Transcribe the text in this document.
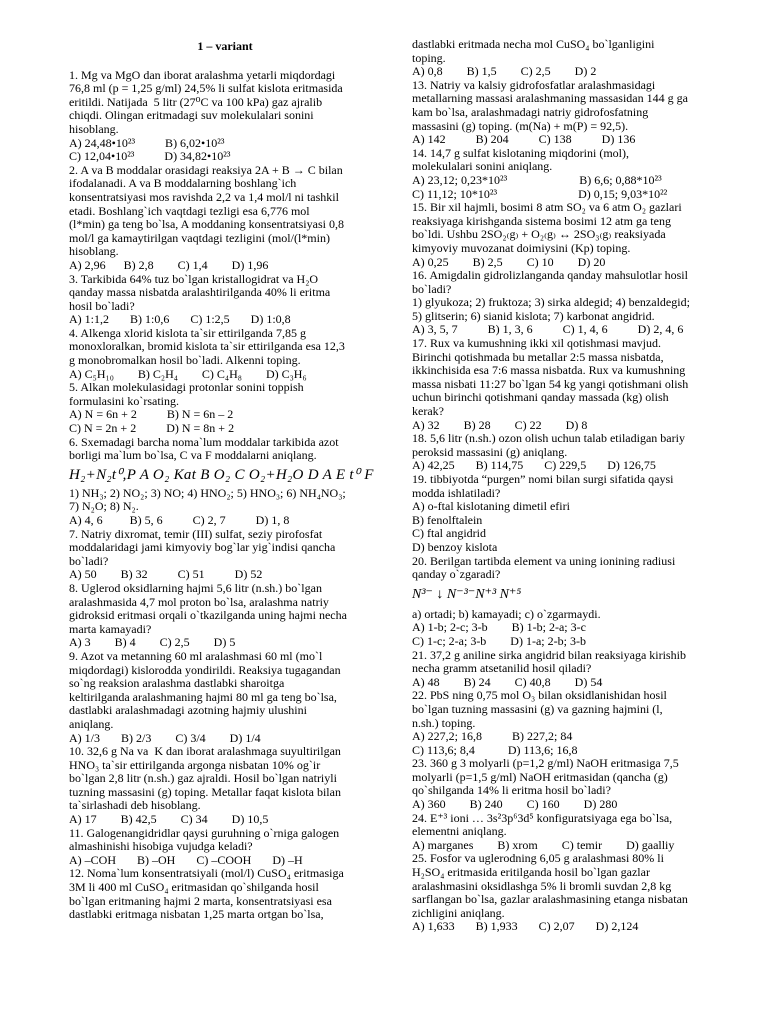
1 – variant
1. Mg va MgO dan iborat aralashma yetarli miqdordagi
76,8 ml (p = 1,25 g/ml) 24,5% li sulfat kislota eritmasida
eritildi. Natijada  5 litr (27⁰C va 100 kPa) gaz ajralib
chiqdi. Olingan eritmadagi suv molekulalari sonini
hisoblang.
A) 24,48•10²³          B) 6,02•10²³
C) 12,04•10²³          D) 34,82•10²³
2. A va B moddalar orasidagi reaksiya 2A + B → C bilan
ifodalanadi. A va B moddalarning boshlang`ich
konsentratsiyasi mos ravishda 2,2 va 1,4 mol/l ni tashkil
etadi. Boshlang`ich vaqtdagi tezligi esa 6,776 mol
(l*min) ga teng bo`lsa, A moddaning konsentratsiyasi 0,8
mol/l ga kamaytirilgan vaqtdagi tezligini (mol/(l*min)
hisoblang.
A) 2,96      B) 2,8        C) 1,4        D) 1,96
3. Tarkibida 64% tuz bo`lgan kristallogidrat va H₂O
qanday massa nisbatda aralashtirilganda 40% li eritma
hosil bo`ladi?
A) 1:1,2       B) 1:0,6       C) 1:2,5       D) 1:0,8
4. Alkenga xlorid kislota ta`sir ettirilganda 7,85 g
monoxloralkan, bromid kislota ta`sir ettirilganda esa 12,3
g monobromalkan hosil bo`ladi. Alkenni toping.
A) C₅H₁₀        B) C₂H₄        C) C₄H₈        D) C₃H₆
5. Alkan molekulasidagi protonlar sonini toppish
formulasini ko`rsating.
A) N = 6n + 2          B) N = 6n – 2
C) N = 2n + 2          D) N = 8n + 2
6. Sxemadagi barcha noma`lum moddalar tarkibida azot
borligi ma`lum bo`lsa, C va F moddalarni aniqlang.
H₂+N₂t⁰,P A O₂ Kat B O₂ C O₂+H₂O D A E t⁰ F
1) NH₃; 2) NO₂; 3) NO; 4) HNO₂; 5) HNO₃; 6) NH₄NO₃;
7) N₂O; 8) N₂.
A) 4, 6         B) 5, 6          C) 2, 7          D) 1, 8
7. Natriy dixromat, temir (III) sulfat, seziy pirofosfat
moddalaridagi jami kimyoviy bog`lar yig`indisi qancha
bo`ladi?
A) 50        B) 32          C) 51          D) 52
8. Uglerod oksidlarning hajmi 5,6 litr (n.sh.) bo`lgan
aralashmasida 4,7 mol proton bo`lsa, aralashma natriy
gidroksid eritmasi orqali o`tkazilganda uning hajmi necha
marta kamayadi?
A) 3        B) 4        C) 2,5        D) 5
9. Azot va metanning 60 ml aralashmasi 60 ml (mo`l
miqdordagi) kislorodda yondirildi. Reaksiya tugagandan
so`ng reaksion aralashma dastlabki sharoitga
keltirilganda aralashmaning hajmi 80 ml ga teng bo`lsa,
dastlabki aralashmadagi azotning hajmiy ulushini
aniqlang.
A) 1/3       B) 2/3        C) 3/4        D) 1/4
10. 32,6 g Na va  K dan iborat aralashmaga suyultirilgan
HNO₃ ta`sir ettirilganda argonga nisbatan 10% og`ir
bo`lgan 2,8 litr (n.sh.) gaz ajraldi. Hosil bo`lgan natriyli
tuzning massasini (g) toping. Metallar faqat kislota bilan
ta`sirlashadi deb hisoblang.
A) 17        B) 42,5        C) 34        D) 10,5
11. Galogenangidridlar qaysi guruhning o`rniga galogen
almashinishi hisobiga vujudga keladi?
A) –COH       B) –OH       C) –COOH       D) –H
12. Noma`lum konsentratsiyali (mol/l) CuSO₄ eritmasiga
3M li 400 ml CuSO₄ eritmasidan qo`shilganda hosil
bo`lgan eritmaning hajmi 2 marta, konsentratsiyasi esa
dastlabki eritmaga nisbatan 1,25 marta ortgan bo`lsa,
dastlabki eritmada necha mol CuSO₄ bo`lganligini
toping.
A) 0,8        B) 1,5        C) 2,5        D) 2
13. Natriy va kalsiy gidrofosfatlar aralashmasidagi
metallarning massasi aralashmaning massasidan 144 g ga
kam bo`lsa, aralashmadagi natriy gidrofosfatning
massasini (g) toping. (m(Na) + m(P) = 92,5).
A) 142          B) 204          C) 138          D) 136
14. 14,7 g sulfat kislotaning miqdorini (mol),
molekulalari sonini aniqlang.
A) 23,12; 0,23*10²³                        B) 6,6; 0,88*10²³
C) 11,12; 10*10²³                           D) 0,15; 9,03*10²²
15. Bir xil hajmli, bosimi 8 atm SO₂ va 6 atm O₂ gazlari
reaksiyaga kirishganda sistema bosimi 12 atm ga teng
bo`ldi. Ushbu 2SO₂₍g₎ + O₂₍g₎ ↔ 2SO₃₍g₎ reaksiyada
kimyoviy muvozanat doimiysini (Kp) toping.
A) 0,25        B) 2,5        C) 10        D) 20
16. Amigdalin gidrolizlanganda qanday mahsulotlar hosil
bo`ladi?
1) glyukoza; 2) fruktoza; 3) sirka aldegid; 4) benzaldegid;
5) glitserin; 6) sianid kislota; 7) karbonat angidrid.
A) 3, 5, 7          B) 1, 3, 6          C) 1, 4, 6          D) 2, 4, 6
17. Rux va kumushning ikki xil qotishmasi mavjud.
Birinchi qotishmada bu metallar 2:5 massa nisbatda,
ikkinchisida esa 7:6 massa nisbatda. Rux va kumushning
massa nisbati 11:27 bo`lgan 54 kg yangi qotishmani olish
uchun birinchi qotishmani qanday massada (kg) olish
kerak?
A) 32        B) 28        C) 22        D) 8
18. 5,6 litr (n.sh.) ozon olish uchun talab etiladigan bariy
peroksid massasini (g) aniqlang.
A) 42,25       B) 114,75       C) 229,5       D) 126,75
19. tibbiyotda “purgen” nomi bilan surgi sifatida qaysi
modda ishlatiladi?
A) o-ftal kislotaning dimetil efiri
B) fenolftalein
C) ftal angidrid
D) benzoy kislota
20. Berilgan tartibda element va uning ionining radiusi
qanday o`zgaradi?
N³⁻ ↓ N⁻³⁻N⁺³ N⁺⁵
a) ortadi; b) kamayadi; c) o`zgarmaydi.
A) 1-b; 2-c; 3-b        B) 1-b; 2-a; 3-c
C) 1-c; 2-a; 3-b        D) 1-a; 2-b; 3-b
21. 37,2 g aniline sirka angidrid bilan reaksiyaga kirishib
necha gramm atsetanilid hosil qiladi?
A) 48        B) 24        C) 40,8        D) 54
22. PbS ning 0,75 mol O₃ bilan oksidlanishidan hosil
bo`lgan tuzning massasini (g) va gazning hajmini (l,
n.sh.) toping.
A) 227,2; 16,8          B) 227,2; 84
C) 113,6; 8,4           D) 113,6; 16,8
23. 360 g 3 molyarli (p=1,2 g/ml) NaOH eritmasiga 7,5
molyarli (p=1,5 g/ml) NaOH eritmasidan (qancha (g)
qo`shilganda 14% li eritma hosil bo`ladi?
A) 360        B) 240        C) 160        D) 280
24. E⁺³ ioni … 3s²3p⁶3d⁵ konfiguratsiyaga ega bo`lsa,
elementni aniqlang.
A) marganes        B) xrom        C) temir        D) gaalliy
25. Fosfor va uglerodning 6,05 g aralashmasi 80% li
H₂SO₄ eritmasida eritilganda hosil bo`lgan gazlar
aralashmasini oksidlashga 5% li bromli suvdan 2,8 kg
sarflangan bo`lsa, gazlar aralashmasining etanga nisbatan
zichligini aniqlang.
A) 1,633       B) 1,933       C) 2,07       D) 2,124
